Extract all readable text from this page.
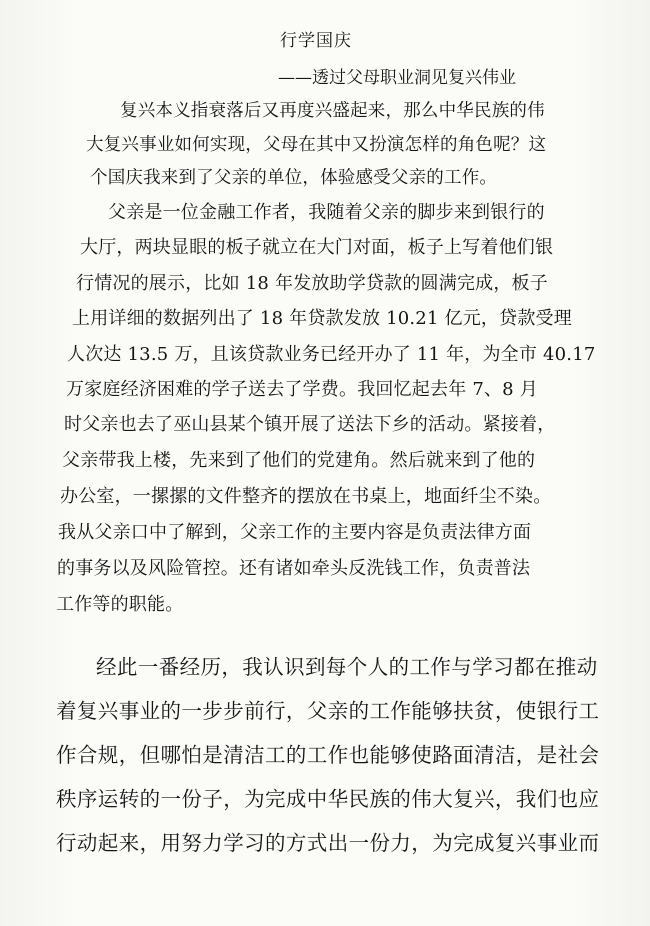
行学国庆
——透过父母职业洞见复兴伟业
复兴本义指衰落后又再度兴盛起来，那么中华民族的伟
大复兴事业如何实现，父母在其中又扮演怎样的角色呢？这
个国庆我来到了父亲的单位，体验感受父亲的工作。
父亲是一位金融工作者，我随着父亲的脚步来到银行的
大厅，两块显眼的板子就立在大门对面，板子上写着他们银
行情况的展示，比如 18 年发放助学贷款的圆满完成，板子
上用详细的数据列出了 18 年贷款发放 10.21 亿元，贷款受理
人次达 13.5 万，且该贷款业务已经开办了 11 年，为全市 40.17
万家庭经济困难的学子送去了学费。我回忆起去年 7、8 月
时父亲也去了巫山县某个镇开展了送法下乡的活动。紧接着，
父亲带我上楼，先来到了他们的党建角。然后就来到了他的
办公室，一摞摞的文件整齐的摆放在书桌上，地面纤尘不染。
我从父亲口中了解到，父亲工作的主要内容是负责法律方面
的事务以及风险管控。还有诸如牵头反洗钱工作，负责普法
工作等的职能。
经此一番经历，我认识到每个人的工作与学习都在推动
着复兴事业的一步步前行，父亲的工作能够扶贫，使银行工
作合规，但哪怕是清洁工的工作也能够使路面清洁，是社会
秩序运转的一份子，为完成中华民族的伟大复兴，我们也应
行动起来，用努力学习的方式出一份力，为完成复兴事业而
